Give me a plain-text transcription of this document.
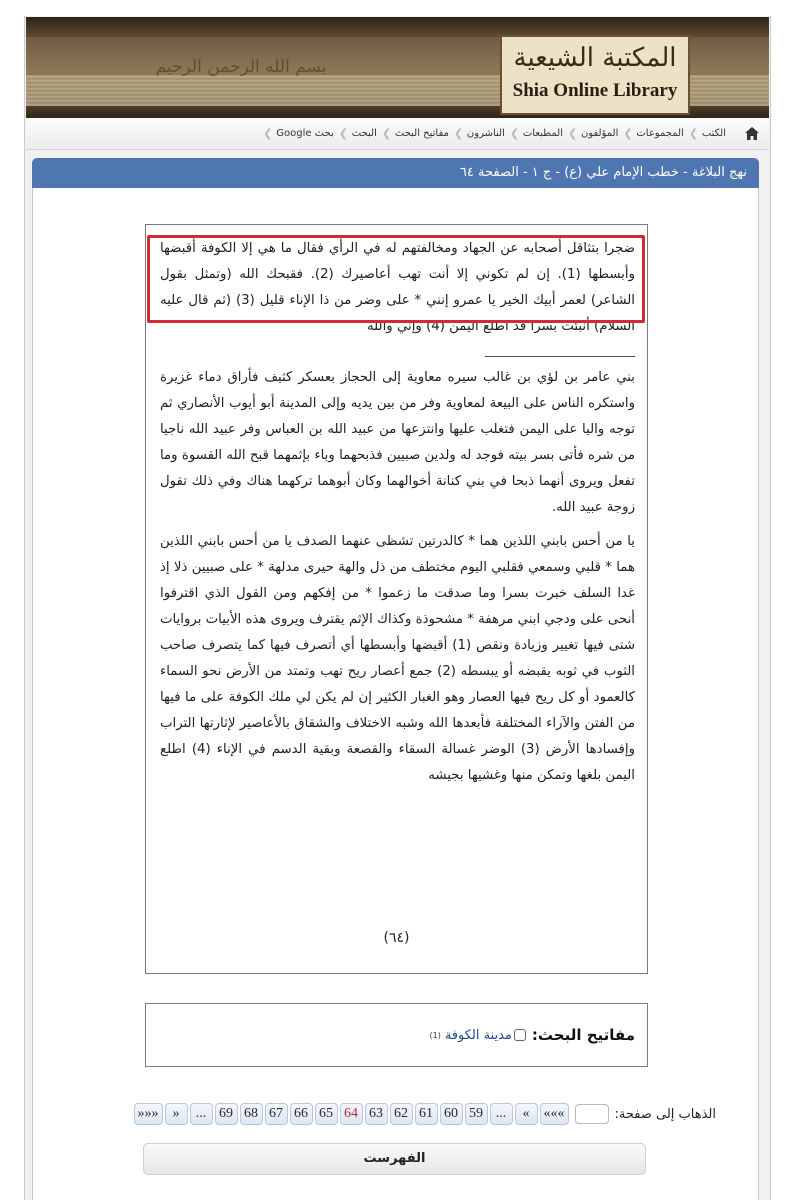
بسم الله الرحمن الرحيم	المكتبة الشيعية
Shia Online Library
الكتب ❯
المجموعات ❯
المؤلفون ❯
المطبعات ❯
الناشرون ❯
مفاتيح البحث ❯
البحث ❯
بحث Google ❯
نهج البلاغة - خطب الإمام علي (ع) - ج ١ - الصفحة ٦٤

ضجرا بتثاقل أصحابه عن الجهاد ومخالفتهم له في الرأي فقال ما هي إلا الكوفة أقبضها وأبسطها (1). إن لم تكوني إلا أنت تهب أعاصيرك (2). فقبحك الله (وتمثل بقول الشاعر) لعمر أبيك الخير يا عمرو إنني * على وضر من ذا الإناء قليل (3) (ثم قال عليه السلام) أنبئت بسرا قد اطلع اليمن (4) وإني والله

بني عامر بن لؤي بن غالب سيره معاوية إلى الحجاز بعسكر كثيف فأراق دماء غزيرة واستكره الناس على البيعة لمعاوية وفر من بين يديه وإلى المدينة أبو أيوب الأنصاري ثم توجه واليا على اليمن فتغلب عليها وانتزعها من عبيد الله بن العباس وفر عبيد الله ناجيا من شره فأتى بسر بيته فوجد له ولدين صبيين فذبحهما وباء بإثمهما قبح الله القسوة وما تفعل ويروى أنهما ذبحا في بني كنانة أخوالهما وكان أبوهما تركهما هناك وفي ذلك تقول زوجة عبيد الله.

يا من أحس بابني اللذين هما * كالدرتين تشظى عنهما الصدف يا من أحس بابني اللذين هما * قلبي وسمعي فقلبي اليوم مختطف من ذل والهة حيرى مدلهة * على صبيين ذلا إذ غدا السلف خبرت بسرا وما صدقت ما زعموا * من إفكهم ومن القول الذي اقترفوا أنحى على ودجي ابني مرهفة * مشحوذة وكذاك الإثم يقترف ويروى هذه الأبيات بروايات شتى فيها تغيير وزيادة ونقص (1) أقبضها وأبسطها أي أتصرف فيها كما يتصرف صاحب الثوب في ثوبه يقبضه أو يبسطه (2) جمع أعصار ريح تهب وتمتد من الأرض نحو السماء كالعمود أو كل ريح فيها العصار وهو الغبار الكثير إن لم يكن لي ملك الكوفة على ما فيها من الفتن والآراء المختلفة فأبعدها الله وشبه الاختلاف والشقاق بالأعاصير لإثارتها التراب وإفسادها الأرض (3) الوضر غسالة السقاء والقصعة وبقية الدسم في الإناء (4) اطلع اليمن بلغها وتمكن منها وغشيها بجيشه

(٦٤)
مفاتيح البحث:
مدينة الكوفة
(1)
الذهاب إلى صفحة:
«««
«
...
59
60
61
62
63
64
65
66
67
68
69
...
»
»»»
الفهرست
